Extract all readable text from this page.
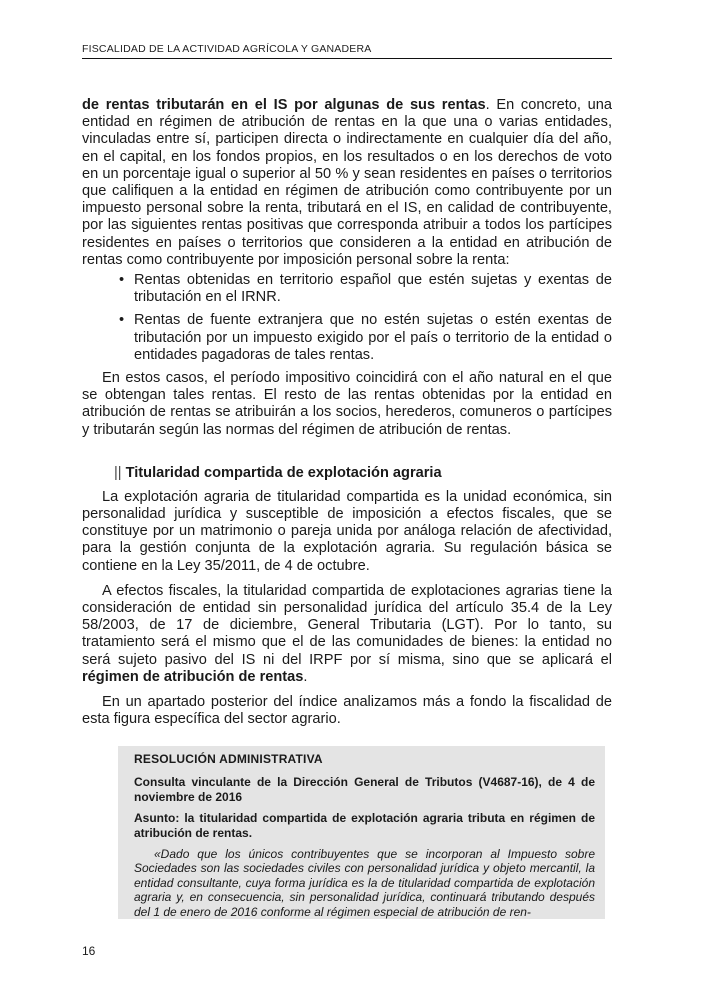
FISCALIDAD DE LA ACTIVIDAD AGRÍCOLA Y GANADERA

de rentas tributarán en el IS por algunas de sus rentas. En concreto, una entidad en régimen de atribución de rentas en la que una o varias entidades, vinculadas entre sí, participen directa o indirectamente en cualquier día del año, en el capital, en los fondos propios, en los resultados o en los derechos de voto en un porcentaje igual o superior al 50 % y sean residentes en países o territorios que califiquen a la entidad en régimen de atribución como contribuyente por un impuesto personal sobre la renta, tributará en el IS, en calidad de contribuyente, por las siguientes rentas positivas que corresponda atribuir a todos los partícipes residentes en países o territorios que consideren a la entidad en atribución de rentas como contribuyente por imposición personal sobre la renta:

• Rentas obtenidas en territorio español que estén sujetas y exentas de tributación en el IRNR.
• Rentas de fuente extranjera que no estén sujetas o estén exentas de tributación por un impuesto exigido por el país o territorio de la entidad o entidades pagadoras de tales rentas.

En estos casos, el período impositivo coincidirá con el año natural en el que se obtengan tales rentas. El resto de las rentas obtenidas por la entidad en atribución de rentas se atribuirán a los socios, herederos, comuneros o partícipes y tributarán según las normas del régimen de atribución de rentas.

|| Titularidad compartida de explotación agraria

La explotación agraria de titularidad compartida es la unidad económica, sin personalidad jurídica y susceptible de imposición a efectos fiscales, que se constituye por un matrimonio o pareja unida por análoga relación de afectividad, para la gestión conjunta de la explotación agraria. Su regulación básica se contiene en la Ley 35/2011, de 4 de octubre.

A efectos fiscales, la titularidad compartida de explotaciones agrarias tiene la consideración de entidad sin personalidad jurídica del artículo 35.4 de la Ley 58/2003, de 17 de diciembre, General Tributaria (LGT). Por lo tanto, su tratamiento será el mismo que el de las comunidades de bienes: la entidad no será sujeto pasivo del IS ni del IRPF por sí misma, sino que se aplicará el régimen de atribución de rentas.

En un apartado posterior del índice analizamos más a fondo la fiscalidad de esta figura específica del sector agrario.

RESOLUCIÓN ADMINISTRATIVA
Consulta vinculante de la Dirección General de Tributos (V4687-16), de 4 de noviembre de 2016
Asunto: la titularidad compartida de explotación agraria tributa en régimen de atribución de rentas.
«Dado que los únicos contribuyentes que se incorporan al Impuesto sobre Sociedades son las sociedades civiles con personalidad jurídica y objeto mercantil, la entidad consultante, cuya forma jurídica es la de titularidad compartida de explotación agraria y, en consecuencia, sin personalidad jurídica, continuará tributando después del 1 de enero de 2016 conforme al régimen especial de atribución de ren-
16
